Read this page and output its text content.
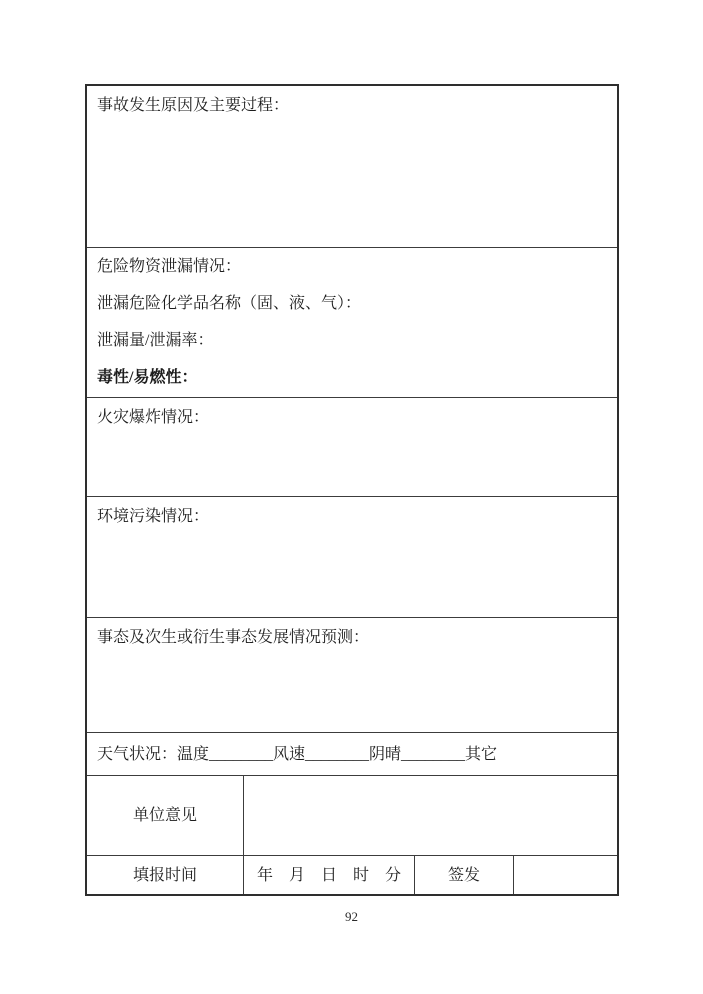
事故发生原因及主要过程：

危险物资泄漏情况：

泄漏危险化学品名称（固、液、气）：

泄漏量/泄漏率：

毒性/易燃性：

火灾爆炸情况：
环境污染情况：
事态及次生或衍生事态发展情况预测：
天气状况：温度________风速________阴晴________其它
单位意见
填报时间	年　月　日　时　分	签发
92
